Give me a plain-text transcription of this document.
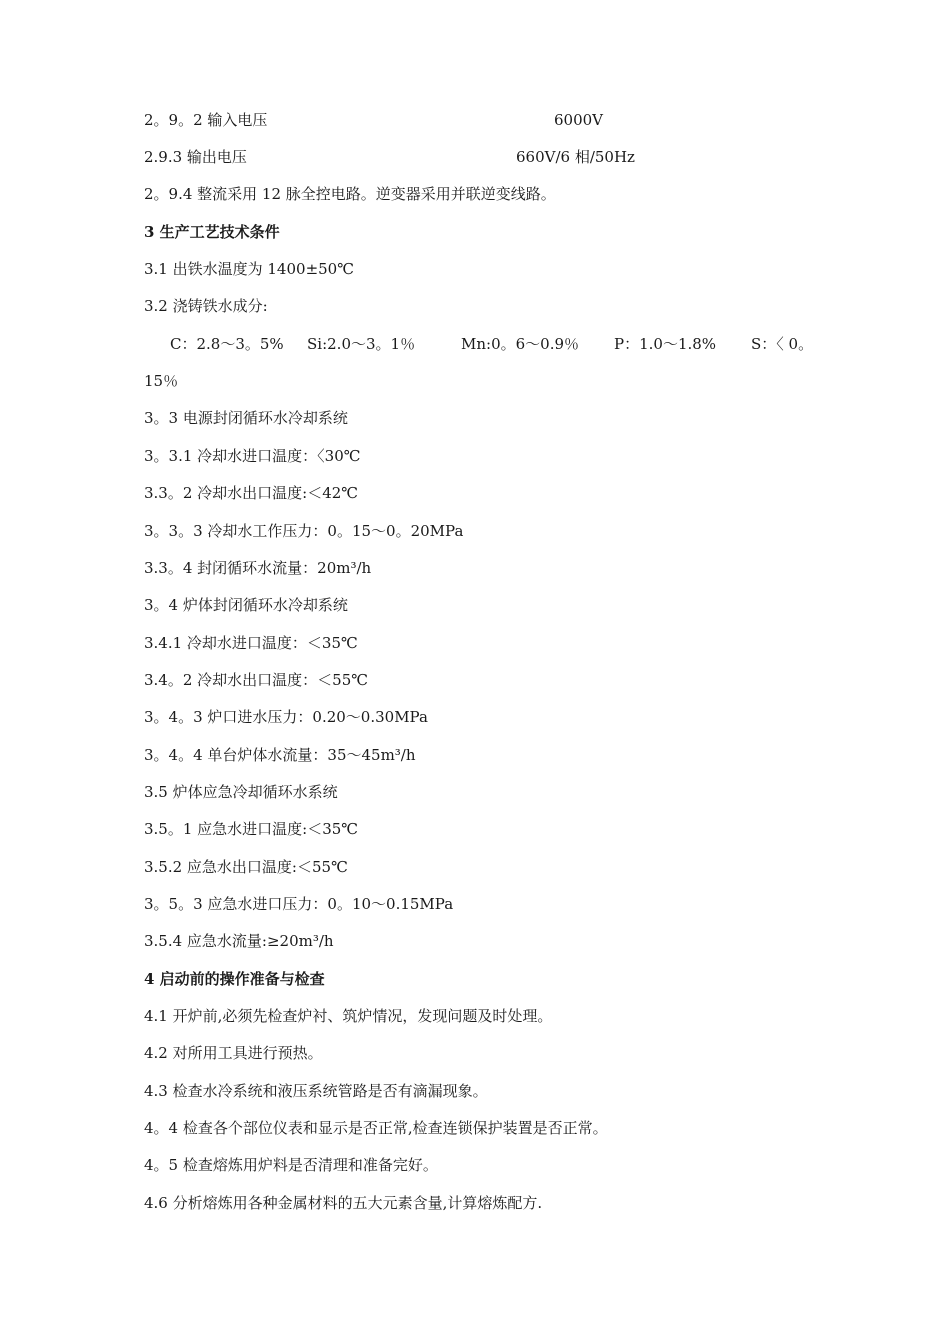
2。9。2 输入电压	6000V
2.9.3 输出电压	660V/6 相/50Hz
2。9.4 整流采用 12 脉全控电路。逆变器采用并联逆变线路。
3 生产工艺技术条件
3.1 出铁水温度为 1400±50℃
3.2 浇铸铁水成分:
C：2.8～3。5% Si:2.0～3。1％	Mn:0。6～0.9％ P：1.0～1.8% S：〈 0。
15％
3。3 电源封闭循环水冷却系统
3。3.1 冷却水进口温度：〈30℃
3.3。2 冷却水出口温度:＜42℃
3。3。3 冷却水工作压力：0。15～0。20MPa
3.3。4 封闭循环水流量：20m³/h
3。4 炉体封闭循环水冷却系统
3.4.1 冷却水进口温度：＜35℃
3.4。2 冷却水出口温度：＜55℃
3。4。3 炉口进水压力：0.20～0.30MPa
3。4。4 单台炉体水流量：35～45m³/h
3.5 炉体应急冷却循环水系统
3.5。1 应急水进口温度:＜35℃
3.5.2 应急水出口温度:＜55℃
3。5。3 应急水进口压力：0。10～0.15MPa
3.5.4 应急水流量:≥20m³/h
4 启动前的操作准备与检查
4.1 开炉前,必须先检查炉衬、筑炉情况，发现问题及时处理。
4.2 对所用工具进行预热。
4.3 检查水冷系统和液压系统管路是否有滴漏现象。
4。4 检查各个部位仪表和显示是否正常,检查连锁保护装置是否正常。
4。5 检查熔炼用炉料是否清理和准备完好。
4.6 分析熔炼用各种金属材料的五大元素含量,计算熔炼配方.
